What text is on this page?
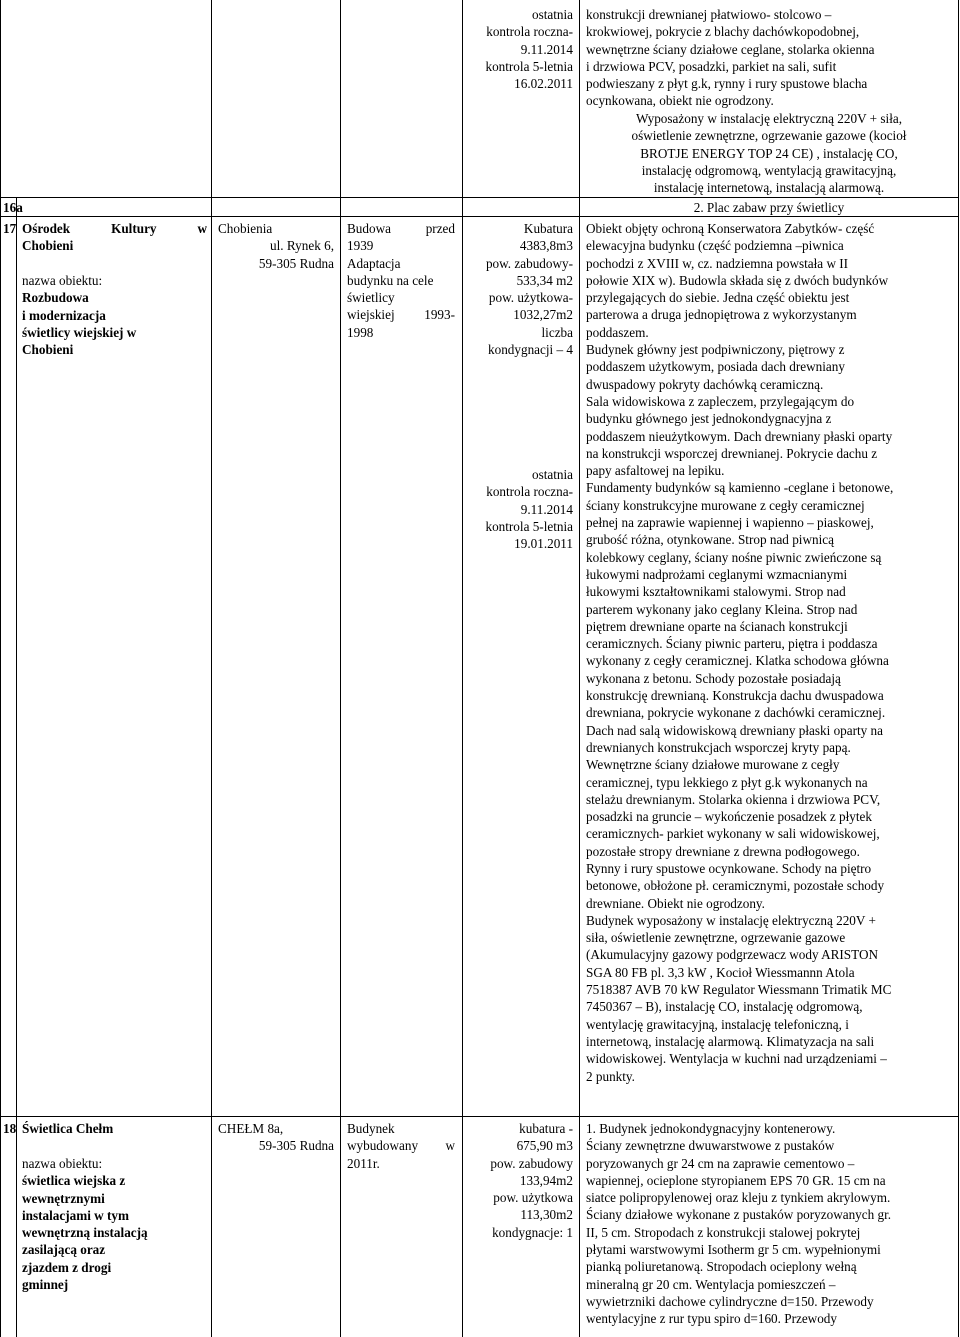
ostatnia
kontrola roczna-
9.11.2014
kontrola 5-letnia
16.02.2011
konstrukcji drewnianej płatwiowo- stolcowo –
krokwiowej, pokrycie z blachy dachówkopodobnej,
wewnętrzne ściany działowe ceglane, stolarka okienna
i drzwiowa PCV, posadzki, parkiet na sali, sufit
podwieszany z płyt g.k, rynny i rury spustowe blacha
ocynkowana, obiekt nie ogrodzony.
Wyposażony w instalację elektryczną 220V + siła,
oświetlenie zewnętrzne, ogrzewanie gazowe (kocioł
BROTJE ENERGY TOP 24 CE) , instalację CO,
instalację odgromową, wentylacją grawitacyjną,
instalację internetową, instalacją alarmową.
16a	2. Plac zabaw przy świetlicy
17 Ośrodek Kultury w
Chobieni
nazwa obiektu:
Rozbudowa
i modernizacja
świetlicy wiejskiej w
Chobieni
Chobienia
ul. Rynek 6,
59-305 Rudna
Budowa przed
1939
Adaptacja
budynku na cele
świetlicy
wiejskiej 1993-
1998
Kubatura
4383,8m3
pow. zabudowy-
533,34 m2
pow. użytkowa-
1032,27m2
liczba
kondygnacji – 4
ostatnia
kontrola roczna-
9.11.2014
kontrola 5-letnia
19.01.2011
Obiekt objęty ochroną Konserwatora Zabytków- część
elewacyjna budynku (część podziemna –piwnica
pochodzi z XVIII w, cz. nadziemna powstała w II
połowie XIX w). Budowla składa się z dwóch budynków
przylegających do siebie. Jedna część obiektu jest
parterowa a druga jednopiętrowa z wykorzystanym
poddaszem.
Budynek główny jest podpiwniczony, piętrowy z
poddaszem użytkowym, posiada dach drewniany
dwuspadowy pokryty dachówką ceramiczną.
Sala widowiskowa z zapleczem, przylegającym do
budynku głównego jest jednokondygnacyjna z
poddaszem nieużytkowym. Dach drewniany płaski oparty
na konstrukcji wsporczej drewnianej. Pokrycie dachu z
papy asfaltowej na lepiku.
Fundamenty budynków są kamienno -ceglane i betonowe,
ściany konstrukcyjne murowane z cegły ceramicznej
pełnej na zaprawie wapiennej i wapienno – piaskowej,
grubość różna, otynkowane. Strop nad piwnicą
kolebkowy ceglany, ściany nośne piwnic zwieńczone są
łukowymi nadprożami ceglanymi wzmacnianymi
łukowymi kształtownikami stalowymi. Strop nad
parterem wykonany jako ceglany Kleina. Strop nad
piętrem drewniane oparte na ścianach konstrukcji
ceramicznych. Ściany piwnic parteru, piętra i poddasza
wykonany z cegły ceramicznej. Klatka schodowa główna
wykonana z betonu. Schody pozostałe posiadają
konstrukcję drewnianą. Konstrukcja dachu dwuspadowa
drewniana, pokrycie wykonane z dachówki ceramicznej.
Dach nad salą widowiskową drewniany płaski oparty na
drewnianych konstrukcjach wsporczej kryty papą.
Wewnętrzne ściany działowe murowane z cegły
ceramicznej, typu lekkiego z płyt g.k wykonanych na
stelażu drewnianym. Stolarka okienna i drzwiowa PCV,
posadzki na gruncie – wykończenie posadzek z płytek
ceramicznych- parkiet wykonany w sali widowiskowej,
pozostałe stropy drewniane z drewna podłogowego.
Rynny i rury spustowe ocynkowane. Schody na piętro
betonowe, obłożone pł. ceramicznymi, pozostałe schody
drewniane. Obiekt nie ogrodzony.
Budynek wyposażony w instalację elektryczną 220V +
siła, oświetlenie zewnętrzne, ogrzewanie gazowe
(Akumulacyjny gazowy podgrzewacz wody ARISTON
SGA 80 FB pl. 3,3 kW , Kocioł Wiessmannn Atola
7518387 AVB 70 kW Regulator Wiessmann Trimatik MC
7450367 – B), instalację CO, instalację odgromową,
wentylację grawitacyjną, instalację telefoniczną, i
internetową, instalację alarmową. Klimatyzacja na sali
widowiskowej. Wentylacja w kuchni nad urządzeniami –
2 punkty.
18 Świetlica Chełm
nazwa obiektu:
świetlica wiejska z
wewnętrznymi
instalacjami w tym
wewnętrzną instalacją
zasilającą oraz
zjazdem z drogi
gminnej
CHEŁM 8a,
59-305 Rudna
Budynek
wybudowany w
2011r.
kubatura -
675,90 m3
pow. zabudowy
133,94m2
pow. użytkowa
113,30m2
kondygnacje: 1
1. Budynek jednokondygnacyjny kontenerowy.
Ściany zewnętrzne dwuwarstwowe z pustaków
poryzowanych gr 24 cm na zaprawie cementowo –
wapiennej, ocieplone styropianem EPS 70 GR. 15 cm na
siatce polipropylenowej oraz kleju z tynkiem akrylowym.
Ściany działowe wykonane z pustaków poryzowanych gr.
II, 5 cm. Stropodach z konstrukcji stalowej pokrytej
płytami warstwowymi Isotherm gr 5 cm. wypełnionymi
pianką poliuretanową. Stropodach ocieplony wełną
mineralną gr 20 cm. Wentylacja pomieszczeń –
wywietrzniki dachowe cylindryczne d=150. Przewody
wentylacyjne z rur typu spiro d=160. Przewody
